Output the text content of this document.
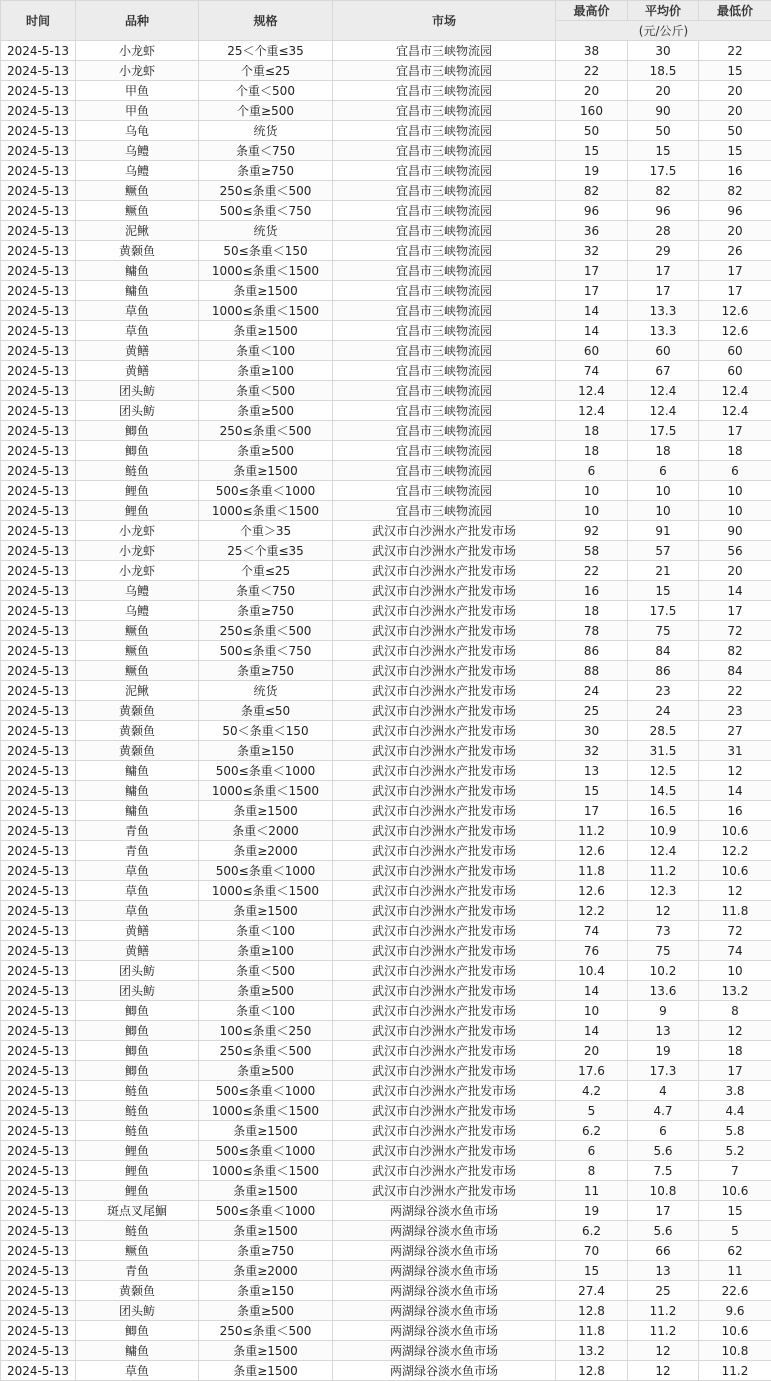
时间	品种	规格	市场	最高价	平均价	最低价
				(元/公斤)		
2024-5-13	小龙虾	25＜个重≤35	宜昌市三峡物流园	38	30	22
2024-5-13	小龙虾	个重≤25	宜昌市三峡物流园	22	18.5	15
2024-5-13	甲鱼	个重＜500	宜昌市三峡物流园	20	20	20
2024-5-13	甲鱼	个重≥500	宜昌市三峡物流园	160	90	20
2024-5-13	乌龟	统货	宜昌市三峡物流园	50	50	50
2024-5-13	乌鳢	条重＜750	宜昌市三峡物流园	15	15	15
2024-5-13	乌鳢	条重≥750	宜昌市三峡物流园	19	17.5	16
2024-5-13	鳜鱼	250≤条重＜500	宜昌市三峡物流园	82	82	82
2024-5-13	鳜鱼	500≤条重＜750	宜昌市三峡物流园	96	96	96
2024-5-13	泥鳅	统货	宜昌市三峡物流园	36	28	20
2024-5-13	黄颡鱼	50≤条重＜150	宜昌市三峡物流园	32	29	26
2024-5-13	鳙鱼	1000≤条重＜1500	宜昌市三峡物流园	17	17	17
2024-5-13	鳙鱼	条重≥1500	宜昌市三峡物流园	17	17	17
2024-5-13	草鱼	1000≤条重＜1500	宜昌市三峡物流园	14	13.3	12.6
2024-5-13	草鱼	条重≥1500	宜昌市三峡物流园	14	13.3	12.6
2024-5-13	黄鳝	条重＜100	宜昌市三峡物流园	60	60	60
2024-5-13	黄鳝	条重≥100	宜昌市三峡物流园	74	67	60
2024-5-13	团头鲂	条重＜500	宜昌市三峡物流园	12.4	12.4	12.4
2024-5-13	团头鲂	条重≥500	宜昌市三峡物流园	12.4	12.4	12.4
2024-5-13	鲫鱼	250≤条重＜500	宜昌市三峡物流园	18	17.5	17
2024-5-13	鲫鱼	条重≥500	宜昌市三峡物流园	18	18	18
2024-5-13	鲢鱼	条重≥1500	宜昌市三峡物流园	6	6	6
2024-5-13	鲤鱼	500≤条重＜1000	宜昌市三峡物流园	10	10	10
2024-5-13	鲤鱼	1000≤条重＜1500	宜昌市三峡物流园	10	10	10
2024-5-13	小龙虾	个重＞35	武汉市白沙洲水产批发市场	92	91	90
2024-5-13	小龙虾	25＜个重≤35	武汉市白沙洲水产批发市场	58	57	56
2024-5-13	小龙虾	个重≤25	武汉市白沙洲水产批发市场	22	21	20
2024-5-13	乌鳢	条重＜750	武汉市白沙洲水产批发市场	16	15	14
2024-5-13	乌鳢	条重≥750	武汉市白沙洲水产批发市场	18	17.5	17
2024-5-13	鳜鱼	250≤条重＜500	武汉市白沙洲水产批发市场	78	75	72
2024-5-13	鳜鱼	500≤条重＜750	武汉市白沙洲水产批发市场	86	84	82
2024-5-13	鳜鱼	条重≥750	武汉市白沙洲水产批发市场	88	86	84
2024-5-13	泥鳅	统货	武汉市白沙洲水产批发市场	24	23	22
2024-5-13	黄颡鱼	条重≤50	武汉市白沙洲水产批发市场	25	24	23
2024-5-13	黄颡鱼	50＜条重＜150	武汉市白沙洲水产批发市场	30	28.5	27
2024-5-13	黄颡鱼	条重≥150	武汉市白沙洲水产批发市场	32	31.5	31
2024-5-13	鳙鱼	500≤条重＜1000	武汉市白沙洲水产批发市场	13	12.5	12
2024-5-13	鳙鱼	1000≤条重＜1500	武汉市白沙洲水产批发市场	15	14.5	14
2024-5-13	鳙鱼	条重≥1500	武汉市白沙洲水产批发市场	17	16.5	16
2024-5-13	青鱼	条重＜2000	武汉市白沙洲水产批发市场	11.2	10.9	10.6
2024-5-13	青鱼	条重≥2000	武汉市白沙洲水产批发市场	12.6	12.4	12.2
2024-5-13	草鱼	500≤条重＜1000	武汉市白沙洲水产批发市场	11.8	11.2	10.6
2024-5-13	草鱼	1000≤条重＜1500	武汉市白沙洲水产批发市场	12.6	12.3	12
2024-5-13	草鱼	条重≥1500	武汉市白沙洲水产批发市场	12.2	12	11.8
2024-5-13	黄鳝	条重＜100	武汉市白沙洲水产批发市场	74	73	72
2024-5-13	黄鳝	条重≥100	武汉市白沙洲水产批发市场	76	75	74
2024-5-13	团头鲂	条重＜500	武汉市白沙洲水产批发市场	10.4	10.2	10
2024-5-13	团头鲂	条重≥500	武汉市白沙洲水产批发市场	14	13.6	13.2
2024-5-13	鲫鱼	条重＜100	武汉市白沙洲水产批发市场	10	9	8
2024-5-13	鲫鱼	100≤条重＜250	武汉市白沙洲水产批发市场	14	13	12
2024-5-13	鲫鱼	250≤条重＜500	武汉市白沙洲水产批发市场	20	19	18
2024-5-13	鲫鱼	条重≥500	武汉市白沙洲水产批发市场	17.6	17.3	17
2024-5-13	鲢鱼	500≤条重＜1000	武汉市白沙洲水产批发市场	4.2	4	3.8
2024-5-13	鲢鱼	1000≤条重＜1500	武汉市白沙洲水产批发市场	5	4.7	4.4
2024-5-13	鲢鱼	条重≥1500	武汉市白沙洲水产批发市场	6.2	6	5.8
2024-5-13	鲤鱼	500≤条重＜1000	武汉市白沙洲水产批发市场	6	5.6	5.2
2024-5-13	鲤鱼	1000≤条重＜1500	武汉市白沙洲水产批发市场	8	7.5	7
2024-5-13	鲤鱼	条重≥1500	武汉市白沙洲水产批发市场	11	10.8	10.6
2024-5-13	斑点叉尾鮰	500≤条重＜1000	两湖绿谷淡水鱼市场	19	17	15
2024-5-13	鲢鱼	条重≥1500	两湖绿谷淡水鱼市场	6.2	5.6	5
2024-5-13	鳜鱼	条重≥750	两湖绿谷淡水鱼市场	70	66	62
2024-5-13	青鱼	条重≥2000	两湖绿谷淡水鱼市场	15	13	11
2024-5-13	黄颡鱼	条重≥150	两湖绿谷淡水鱼市场	27.4	25	22.6
2024-5-13	团头鲂	条重≥500	两湖绿谷淡水鱼市场	12.8	11.2	9.6
2024-5-13	鲫鱼	250≤条重＜500	两湖绿谷淡水鱼市场	11.8	11.2	10.6
2024-5-13	鳙鱼	条重≥1500	两湖绿谷淡水鱼市场	13.2	12	10.8
2024-5-13	草鱼	条重≥1500	两湖绿谷淡水鱼市场	12.8	12	11.2
